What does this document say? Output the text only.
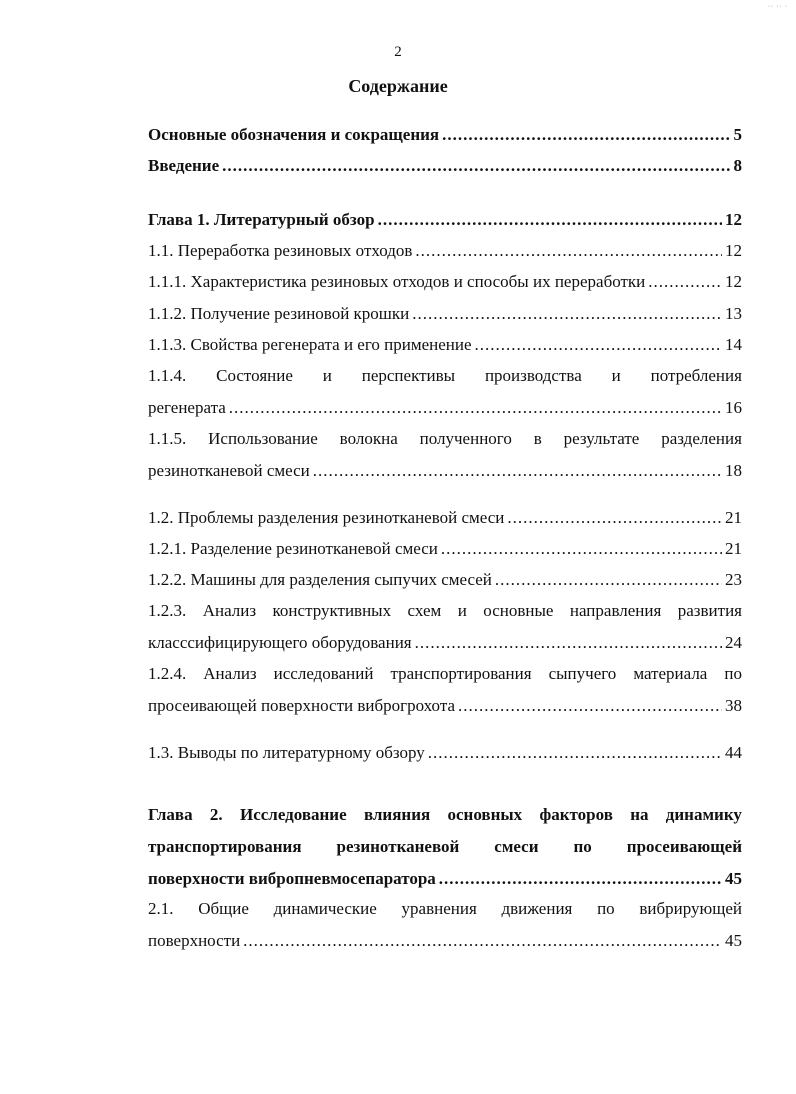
·· ·· ·
2
Содержание
Основные обозначения и сокращения .....	5
Введение .....	8
Глава 1. Литературный обзор .....	12
1.1. Переработка резиновых отходов .....	12
1.1.1. Характеристика резиновых отходов и способы их переработки .....	12
1.1.2. Получение резиновой крошки .....	13
1.1.3. Свойства регенерата и его применение .....	14
1.1.4. Состояние и перспективы производства и потребления
регенерата .....	16
1.1.5. Использование волокна полученного в результате разделения
резинотканевой смеси .....	18
1.2. Проблемы разделения резинотканевой смеси .....	21
1.2.1. Разделение резинотканевой смеси .....	21
1.2.2. Машины для разделения сыпучих смесей .....	23
1.2.3. Анализ конструктивных схем и основные направления развития
класссифицирующего оборудования .....	24
1.2.4. Анализ исследований транспортирования сыпучего материала по
просеивающей поверхности виброгрохота .....	38
1.3. Выводы по литературному обзору .....	44
Глава 2. Исследование влияния основных факторов на динамику
транспортирования резинотканевой смеси по просеивающей
поверхности вибропневмосепаратора .....	45
2.1. Общие динамические уравнения движения по вибрирующей
поверхности .....	45
